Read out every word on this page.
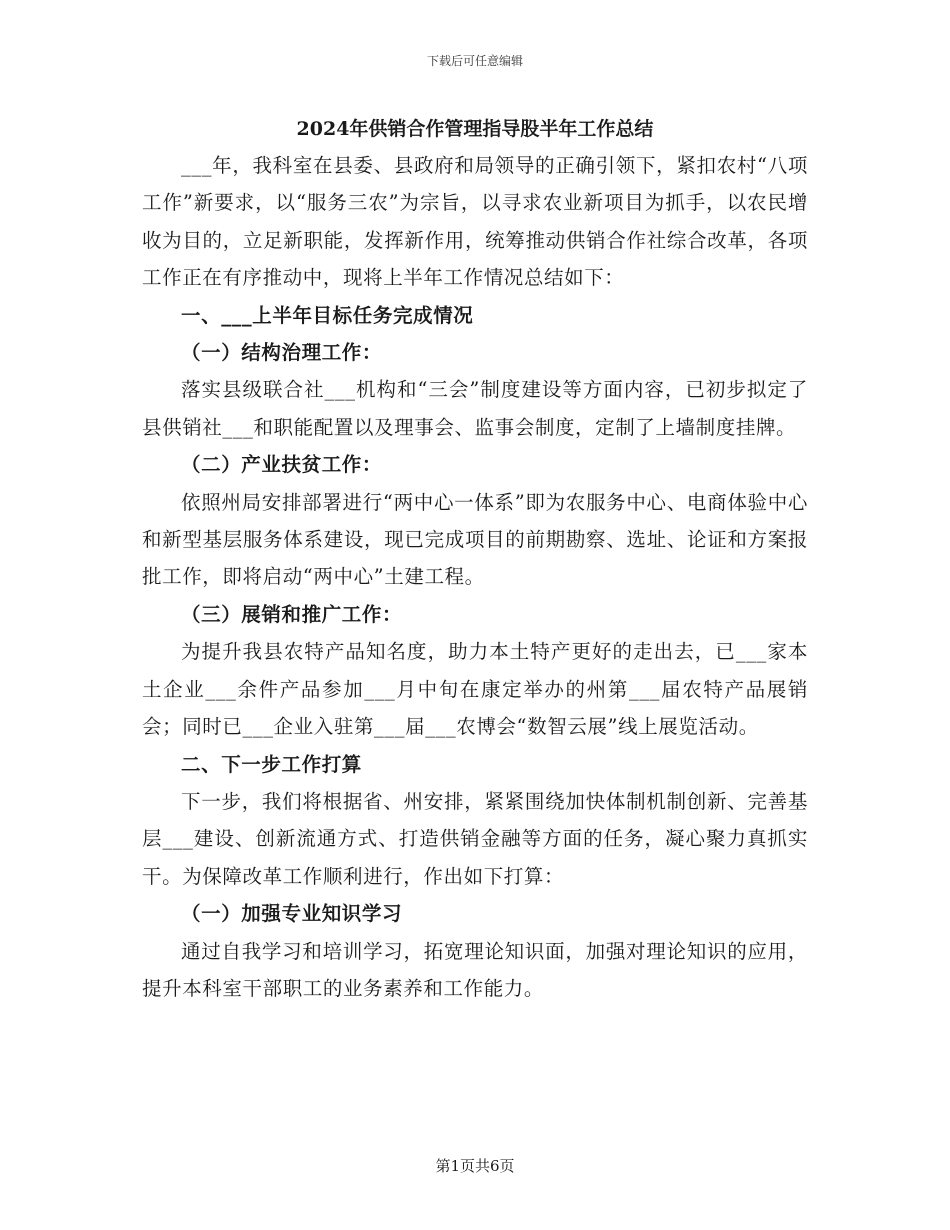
下载后可任意编辑
2024年供销合作管理指导股半年工作总结

___年，我科室在县委、县政府和局领导的正确引领下，紧扣农村“八项工作”新要求，以“服务三农”为宗旨，以寻求农业新项目为抓手，以农民增收为目的，立足新职能，发挥新作用，统筹推动供销合作社综合改革，各项工作正在有序推动中，现将上半年工作情况总结如下：

一、___上半年目标任务完成情况

（一）结构治理工作：

落实县级联合社___机构和“三会”制度建设等方面内容，已初步拟定了县供销社___和职能配置以及理事会、监事会制度，定制了上墙制度挂牌。

（二）产业扶贫工作：

依照州局安排部署进行“两中心一体系”即为农服务中心、电商体验中心和新型基层服务体系建设，现已完成项目的前期勘察、选址、论证和方案报批工作，即将启动“两中心”土建工程。

（三）展销和推广工作：

为提升我县农特产品知名度，助力本土特产更好的走出去，已___家本土企业___余件产品参加___月中旬在康定举办的州第___届农特产品展销会；同时已___企业入驻第___届___农博会“数智云展”线上展览活动。

二、下一步工作打算

下一步，我们将根据省、州安排，紧紧围绕加快体制机制创新、完善基层___建设、创新流通方式、打造供销金融等方面的任务，凝心聚力真抓实干。为保障改革工作顺利进行，作出如下打算：

（一）加强专业知识学习

通过自我学习和培训学习，拓宽理论知识面，加强对理论知识的应用，提升本科室干部职工的业务素养和工作能力。

第1页共6页
